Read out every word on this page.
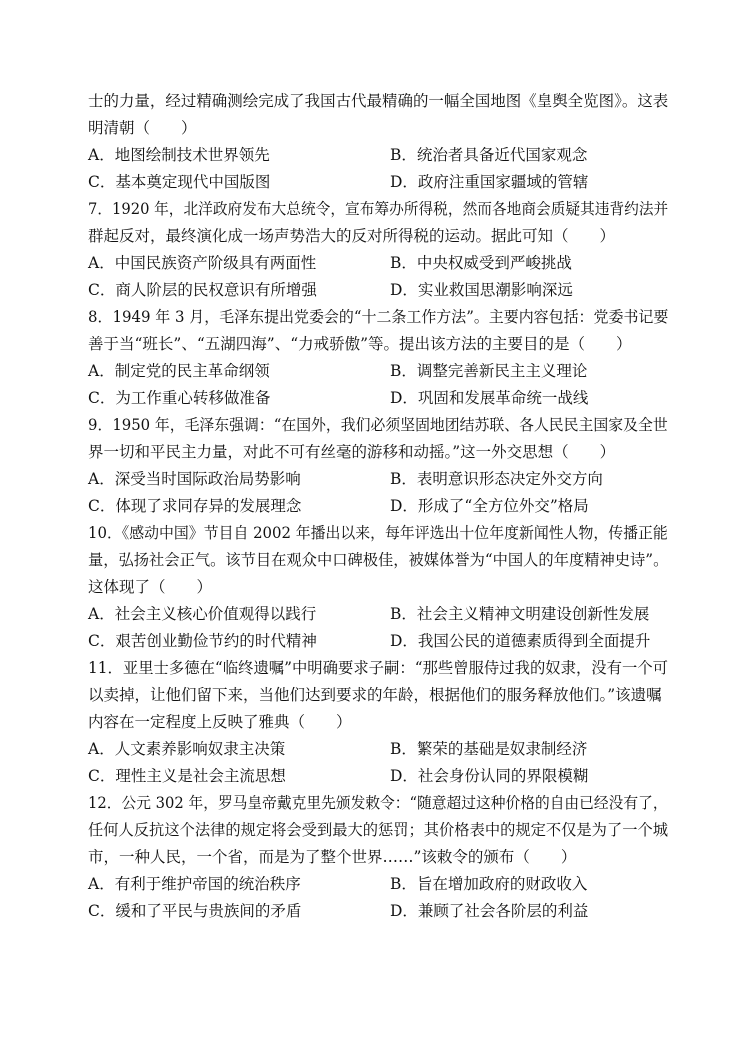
士的力量，经过精确测绘完成了我国古代最精确的一幅全国地图《皇舆全览图》。这表
明清朝（　　）
A．地图绘制技术世界领先	B．统治者具备近代国家观念
C．基本奠定现代中国版图	D．政府注重国家疆域的管辖
7．1920 年，北洋政府发布大总统令，宣布筹办所得税，然而各地商会质疑其违背约法并
群起反对，最终演化成一场声势浩大的反对所得税的运动。据此可知（　　）
A．中国民族资产阶级具有两面性	B．中央权威受到严峻挑战
C．商人阶层的民权意识有所增强	D．实业救国思潮影响深远
8．1949 年 3 月，毛泽东提出党委会的“十二条工作方法”。主要内容包括：党委书记要
善于当“班长”、“五湖四海”、“力戒骄傲”等。提出该方法的主要目的是（　　）
A．制定党的民主革命纲领	B．调整完善新民主主义理论
C．为工作重心转移做准备	D．巩固和发展革命统一战线
9．1950 年，毛泽东强调：“在国外，我们必须坚固地团结苏联、各人民民主国家及全世
界一切和平民主力量，对此不可有丝毫的游移和动摇。”这一外交思想（　　）
A．深受当时国际政治局势影响	B．表明意识形态决定外交方向
C．体现了求同存异的发展理念	D．形成了“全方位外交”格局
10．《感动中国》节目自 2002 年播出以来，每年评选出十位年度新闻性人物，传播正能
量，弘扬社会正气。该节目在观众中口碑极佳，被媒体誉为“中国人的年度精神史诗”。
这体现了（　　）
A．社会主义核心价值观得以践行	B．社会主义精神文明建设创新性发展
C．艰苦创业勤俭节约的时代精神	D．我国公民的道德素质得到全面提升
11．亚里士多德在“临终遗嘱”中明确要求子嗣：“那些曾服侍过我的奴隶，没有一个可
以卖掉，让他们留下来，当他们达到要求的年龄，根据他们的服务释放他们。”该遗嘱
内容在一定程度上反映了雅典（　　）
A．人文素养影响奴隶主决策	B．繁荣的基础是奴隶制经济
C．理性主义是社会主流思想	D．社会身份认同的界限模糊
12．公元 302 年，罗马皇帝戴克里先颁发敕令：“随意超过这种价格的自由已经没有了，
任何人反抗这个法律的规定将会受到最大的惩罚；其价格表中的规定不仅是为了一个城
市，一种人民，一个省，而是为了整个世界……”该敕令的颁布（　　）
A．有利于维护帝国的统治秩序	B．旨在增加政府的财政收入
C．缓和了平民与贵族间的矛盾	D．兼顾了社会各阶层的利益
